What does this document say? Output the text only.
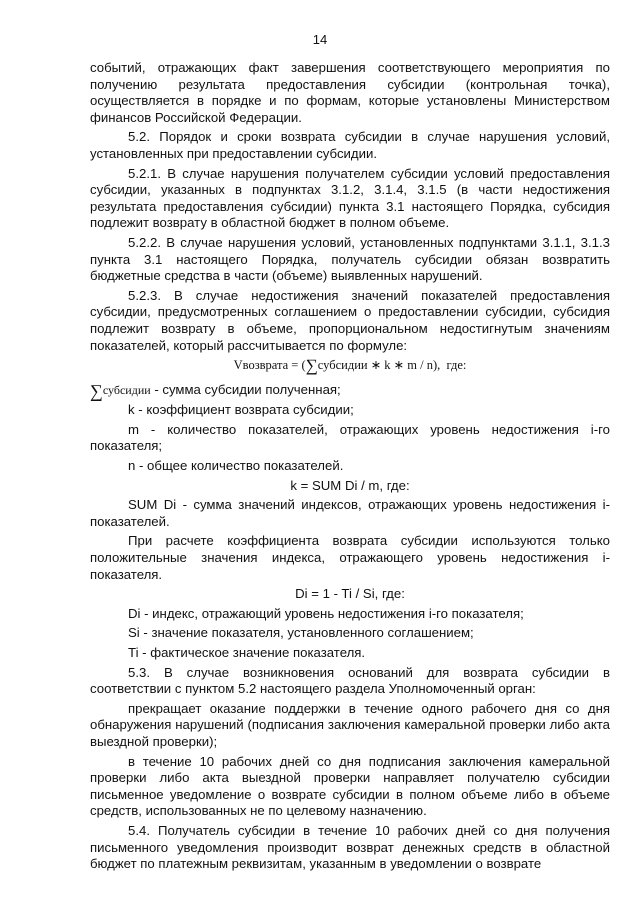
14

событий, отражающих факт завершения соответствующего мероприятия по получению результата предоставления субсидии (контрольная точка), осуществляется в порядке и по формам, которые установлены Министерством финансов Российской Федерации.

5.2. Порядок и сроки возврата субсидии в случае нарушения условий, установленных при предоставлении субсидии.

5.2.1. В случае нарушения получателем субсидии условий предоставления субсидии, указанных в подпунктах 3.1.2, 3.1.4, 3.1.5 (в части недостижения результата предоставления субсидии) пункта 3.1 настоящего Порядка, субсидия подлежит возврату в областной бюджет в полном объеме.

5.2.2. В случае нарушения условий, установленных подпунктами 3.1.1, 3.1.3 пункта 3.1 настоящего Порядка, получатель субсидии обязан возвратить бюджетные средства в части (объеме) выявленных нарушений.

5.2.3. В случае недостижения значений показателей предоставления субсидии, предусмотренных соглашением о предоставлении субсидии, субсидия подлежит возврату в объеме, пропорциональном недостигнутым значениям показателей, который рассчитывается по формуле:

Vвозврата = (∑субсидии ∗ k ∗ m / n), где:

∑субсидии - сумма субсидии полученная;

k - коэффициент возврата субсидии;

m - количество показателей, отражающих уровень недостижения i-го показателя;

n - общее количество показателей.

k = SUM Di / m, где:

SUM Di - сумма значений индексов, отражающих уровень недостижения i-показателей.

При расчете коэффициента возврата субсидии используются только положительные значения индекса, отражающего уровень недостижения i-показателя.

Di = 1 - Ti / Si, где:

Di - индекс, отражающий уровень недостижения i-го показателя;

Si - значение показателя, установленного соглашением;

Ti - фактическое значение показателя.

5.3. В случае возникновения оснований для возврата субсидии в соответствии с пунктом 5.2 настоящего раздела Уполномоченный орган:

прекращает оказание поддержки в течение одного рабочего дня со дня обнаружения нарушений (подписания заключения камеральной проверки либо акта выездной проверки);

в течение 10 рабочих дней со дня подписания заключения камеральной проверки либо акта выездной проверки направляет получателю субсидии письменное уведомление о возврате субсидии в полном объеме либо в объеме средств, использованных не по целевому назначению.

5.4. Получатель субсидии в течение 10 рабочих дней со дня получения письменного уведомления производит возврат денежных средств в областной бюджет по платежным реквизитам, указанным в уведомлении о возврате
